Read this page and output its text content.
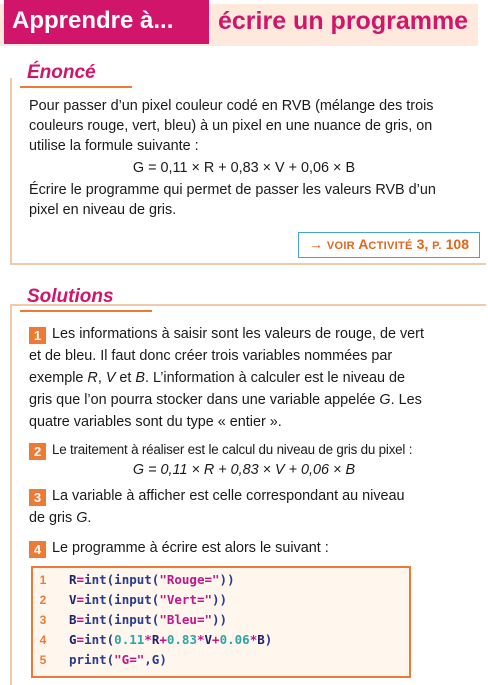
Apprendre à...	écrire un programme
Énoncé
Pour passer d’un pixel couleur codé en RVB (mélange des trois
couleurs rouge, vert, bleu) à un pixel en une nuance de gris, on
utilise la formule suivante :
G = 0,11 × R + 0,83 × V + 0,06 × B
Écrire le programme qui permet de passer les valeurs RVB d’un
pixel en niveau de gris.
→ VOIR ACTIVITÉ 3, P. 108
Solutions
1 Les informations à saisir sont les valeurs de rouge, de vert
et de bleu. Il faut donc créer trois variables nommées par
exemple R, V et B. L’information à calculer est le niveau de
gris que l’on pourra stocker dans une variable appelée G. Les
quatre variables sont du type « entier ».
2 Le traitement à réaliser est le calcul du niveau de gris du pixel :
G = 0,11 × R + 0,83 × V + 0,06 × B
3 La variable à afficher est celle correspondant au niveau
de gris G.
4 Le programme à écrire est alors le suivant :
1	R=int(input("Rouge="))
2	V=int(input("Vert="))
3	B=int(input("Bleu="))
4	G=int(0.11*R+0.83*V+0.06*B)
5	print("G=",G)
